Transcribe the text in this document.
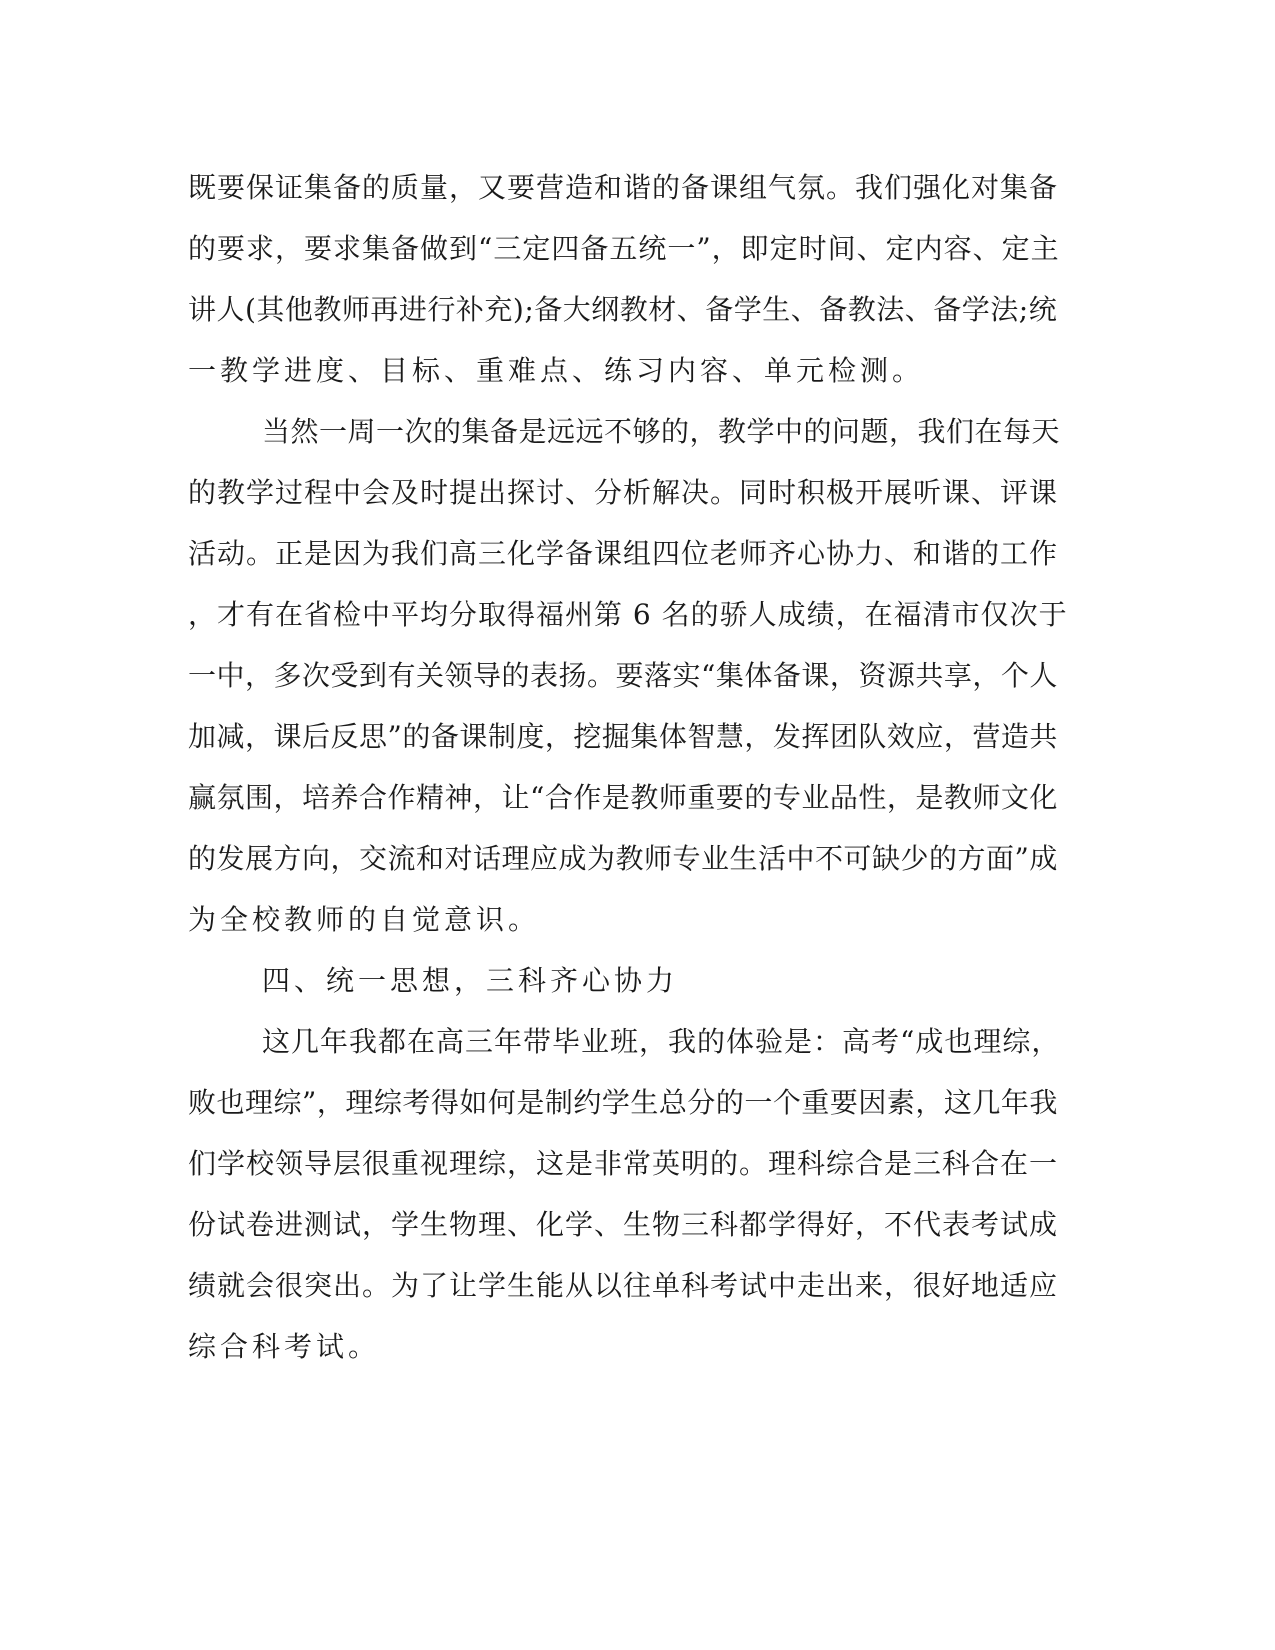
既要保证集备的质量，又要营造和谐的备课组气氛。我们强化对集备
的要求，要求集备做到“三定四备五统一”，即定时间、定内容、定主
讲人(其他教师再进行补充);备大纲教材、备学生、备教法、备学法;统
一教学进度、目标、重难点、练习内容、单元检测。
当然一周一次的集备是远远不够的，教学中的问题，我们在每天
的教学过程中会及时提出探讨、分析解决。同时积极开展听课、评课
活动。正是因为我们高三化学备课组四位老师齐心协力、和谐的工作
，才有在省检中平均分取得福州第 6 名的骄人成绩，在福清市仅次于
一中，多次受到有关领导的表扬。要落实“集体备课，资源共享，个人
加减，课后反思”的备课制度，挖掘集体智慧，发挥团队效应，营造共
赢氛围，培养合作精神，让“合作是教师重要的专业品性，是教师文化
的发展方向，交流和对话理应成为教师专业生活中不可缺少的方面”成
为全校教师的自觉意识。
四、统一思想，三科齐心协力
这几年我都在高三年带毕业班，我的体验是：高考“成也理综，
败也理综”，理综考得如何是制约学生总分的一个重要因素，这几年我
们学校领导层很重视理综，这是非常英明的。理科综合是三科合在一
份试卷进测试，学生物理、化学、生物三科都学得好，不代表考试成
绩就会很突出。为了让学生能从以往单科考试中走出来，很好地适应
综合科考试。
